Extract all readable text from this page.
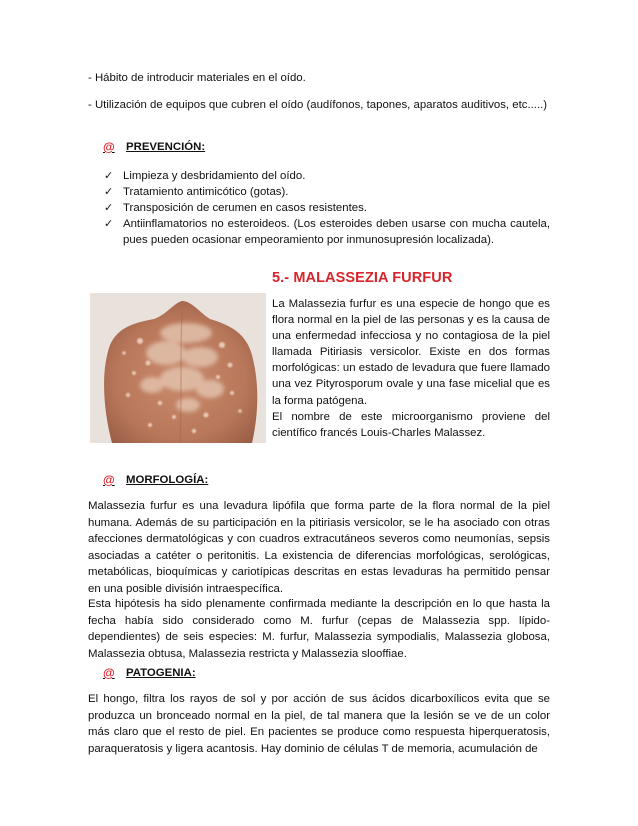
- Hábito de introducir materiales en el oído.
- Utilización de equipos que cubren el oído (audífonos, tapones, aparatos auditivos, etc.....)
@ PREVENCIÓN:
✓ Limpieza y desbridamiento del oído.
✓ Tratamiento antimicótico (gotas).
✓ Transposición de cerumen en casos resistentes.
✓ Antiinflamatorios no esteroideos. (Los esteroides deben usarse con mucha cautela, pues pueden ocasionar empeoramiento por inmunosupresión localizada).
5.- MALASSEZIA FURFUR

La Malassezia furfur es una especie de hongo que es flora normal en la piel de las personas y es la causa de una enfermedad infecciosa y no contagiosa de la piel llamada Pitiriasis versicolor. Existe en dos formas morfológicas: un estado de levadura que fuere llamado una vez Pityrosporum ovale y una fase micelial que es la forma patógena.

El nombre de este microorganismo proviene del científico francés Louis-Charles Malassez.

@ MORFOLOGÍA:
Malassezia furfur es una levadura lipófila que forma parte de la flora normal de la piel humana. Además de su participación en la pitiriasis versicolor, se le ha asociado con otras afecciones dermatológicas y con cuadros extracutáneos severos como neumonías, sepsis asociadas a catéter o peritonitis. La existencia de diferencias morfológicas, serológicas, metabólicas, bioquímicas y cariotípicas descritas en estas levaduras ha permitido pensar en una posible división intraespecífica.
Esta hipótesis ha sido plenamente confirmada mediante la descripción en lo que hasta la fecha había sido considerado como M. furfur (cepas de Malassezia spp. lípido-dependientes) de seis especies: M. furfur, Malassezia sympodialis, Malassezia globosa, Malassezia obtusa, Malassezia restricta y Malassezia slooffiae.
@ PATOGENIA:
El hongo, filtra los rayos de sol y por acción de sus ácidos dicarboxílicos evita que se produzca un bronceado normal en la piel, de tal manera que la lesión se ve de un color más claro que el resto de piel. En pacientes se produce como respuesta hiperqueratosis, paraqueratosis y ligera acantosis. Hay dominio de células T de memoria, acumulación de
